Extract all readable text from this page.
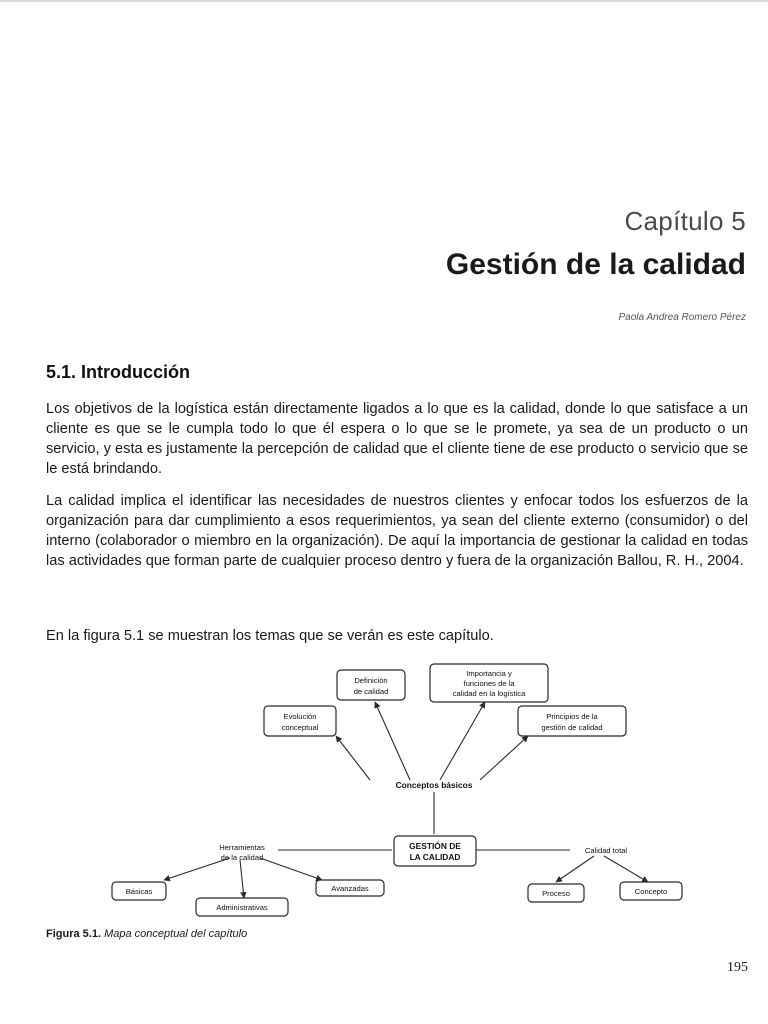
Capítulo 5
Gestión de la calidad
Paola Andrea Romero Pérez
5.1. Introducción

Los objetivos de la logística están directamente ligados a lo que es la calidad, donde lo que satisface a un cliente es que se le cumpla todo lo que él espera o lo que se le promete, ya sea de un producto o un servicio, y esta es justamente la percepción de calidad que el cliente tiene de ese producto o servicio que se le está brindando.

La calidad implica el identificar las necesidades de nuestros clientes y enfocar todos los esfuerzos de la organización para dar cumplimiento a esos requerimientos, ya sean del cliente externo (consumidor) o del interno (colaborador o miembro en la organización). De aquí la importancia de gestionar la calidad en todas las actividades que forman parte de cualquier proceso dentro y fuera de la organización Ballou, R. H., 2004.

En la figura 5.1 se muestran los temas que se verán es este capítulo.

Definición
de calidad
Importancia y
funciones de la
calidad en la logística
Evolución
conceptual
Principios de la
gestión de calidad
Conceptos básicos
GESTIÓN DE
LA CALIDAD
Herramientas
de la calidad
Calidad total
Básicas	Avanzadas
Administrativas
Proceso	Concepto
Figura 5.1. Mapa conceptual del capítulo
195
